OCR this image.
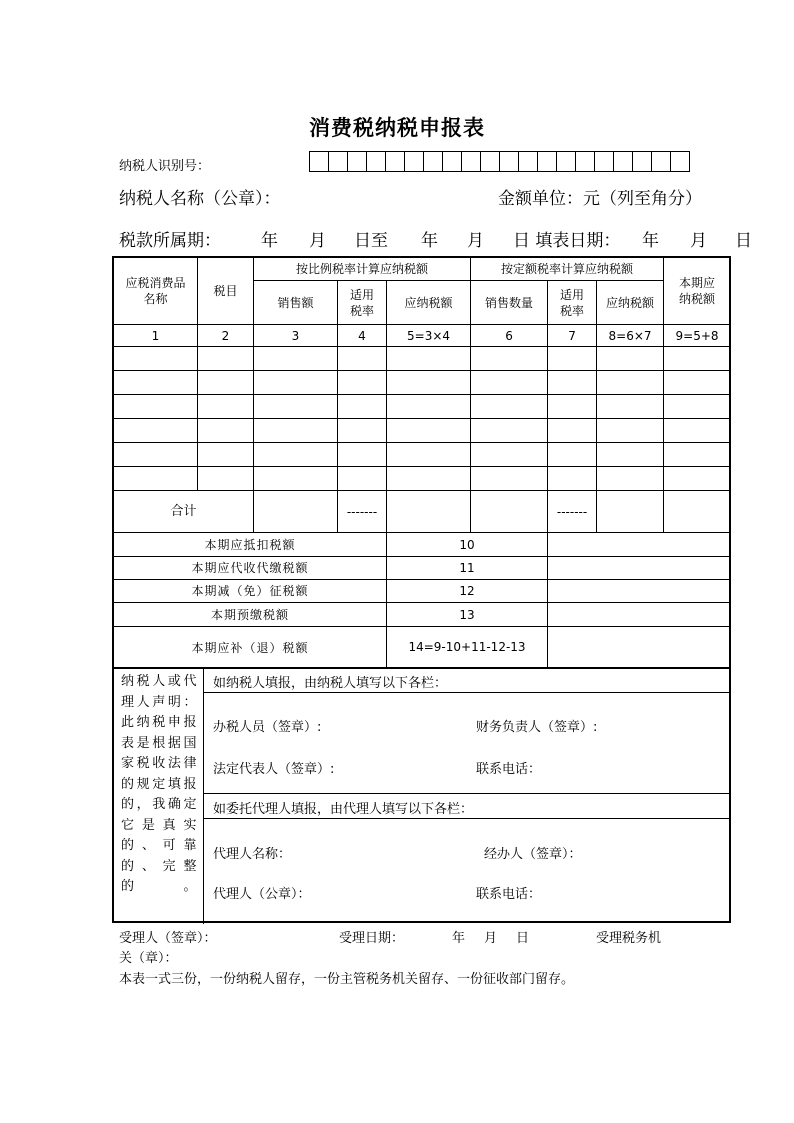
消费税纳税申报表
纳税人识别号：
纳税人名称（公章）：	金额单位：元（列至角分）
税款所属期： 年 月 日至 年 月 日 填表日期： 年 月 日
应税消费品名称	税目	按比例税率计算应纳税额			按定额税率计算应纳税额			本期应纳税额
		销售额	适用税率	应纳税额	销售数量	适用税率	应纳税额	
1	2	3	4	5=3×4	6	7	8=6×7	9=5+8

合计			-------			-------		
本期应抵扣税额				10				
本期应代收代缴税额				11				
本期减（免）征税额				12				
本期预缴税额				13				
本期应补（退）税额				14=9-10+11-12-13				
纳税人或代理人声明：此纳税申报表是根据国家税收法律的规定填报的，我确定它是真实的、可靠的、完整的。
如纳税人填报，由纳税人填写以下各栏：
办税人员（签章）:	财务负责人（签章）:
法定代表人（签章）:	联系电话：
如委托代理人填报，由代理人填写以下各栏：
代理人名称：	经办人（签章）：
代理人（公章）：	联系电话：
受理人（签章）：	受理日期：	年 月 日	受理税务机
关（章）：
本表一式三份，一份纳税人留存，一份主管税务机关留存、一份征收部门留存。
